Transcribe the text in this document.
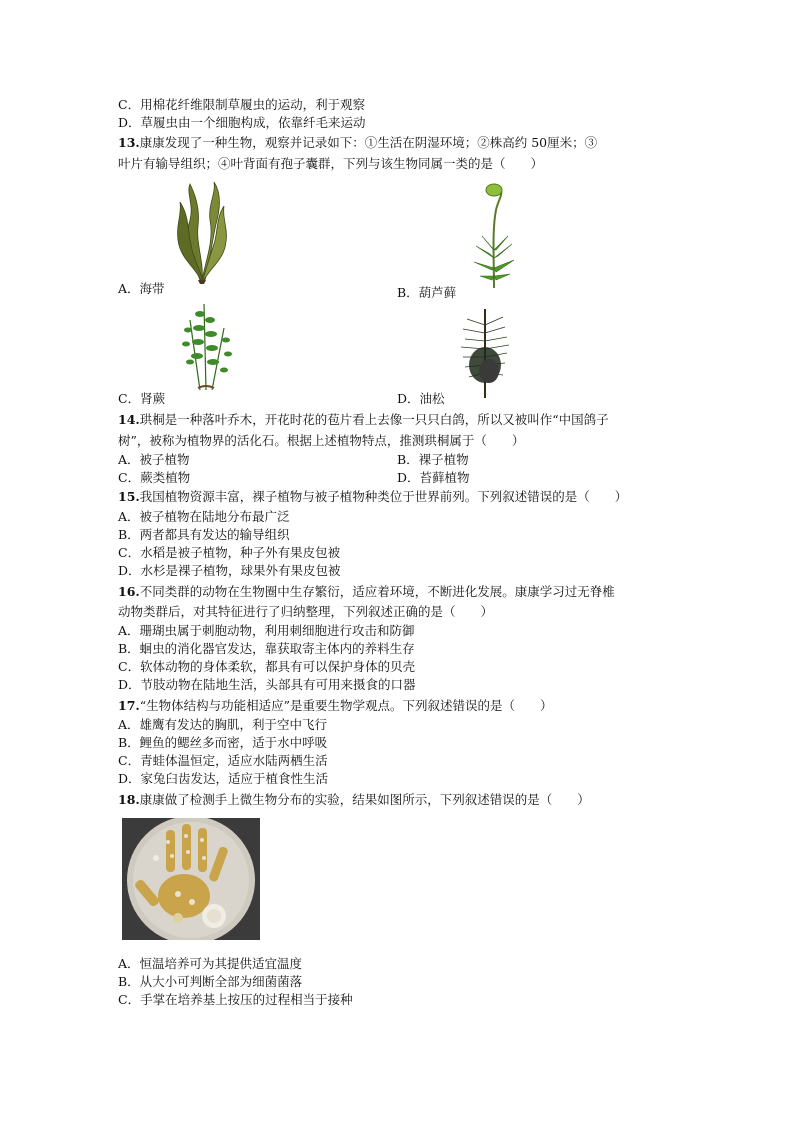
C．用棉花纤维限制草履虫的运动，利于观察
D．草履虫由一个细胞构成，依靠纤毛来运动
13.康康发现了一种生物，观察并记录如下：①生活在阴湿环境；②株高约 50厘米；③
叶片有输导组织；④叶背面有孢子囊群，下列与该生物同属一类的是（　　）
A．海带	B．葫芦藓
C．肾蕨	D．油松
14.珙桐是一种落叶乔木，开花时花的苞片看上去像一只只白鸽，所以又被叫作“中国鸽子
树”，被称为植物界的活化石。根据上述植物特点，推测珙桐属于（　　）
A．被子植物	B．裸子植物
C．蕨类植物	D．苔藓植物
15.我国植物资源丰富，裸子植物与被子植物种类位于世界前列。下列叙述错误的是（　　）
A．被子植物在陆地分布最广泛
B．两者都具有发达的输导组织
C．水稻是被子植物，种子外有果皮包被
D．水杉是裸子植物，球果外有果皮包被
16.不同类群的动物在生物圈中生存繁衍，适应着环境，不断进化发展。康康学习过无脊椎
动物类群后，对其特征进行了归纳整理，下列叙述正确的是（　　）
A．珊瑚虫属于刺胞动物，利用刺细胞进行攻击和防御
B．蛔虫的消化器官发达，靠获取寄主体内的养料生存
C．软体动物的身体柔软，都具有可以保护身体的贝壳
D．节肢动物在陆地生活，头部具有可用来摄食的口器
17.“生物体结构与功能相适应”是重要生物学观点。下列叙述错误的是（　　）
A．雄鹰有发达的胸肌，利于空中飞行
B．鲤鱼的鳃丝多而密，适于水中呼吸
C．青蛙体温恒定，适应水陆两栖生活
D．家兔臼齿发达，适应于植食性生活
18.康康做了检测手上微生物分布的实验，结果如图所示，下列叙述错误的是（　　）
A．恒温培养可为其提供适宜温度
B．从大小可判断全部为细菌菌落
C．手掌在培养基上按压的过程相当于接种
